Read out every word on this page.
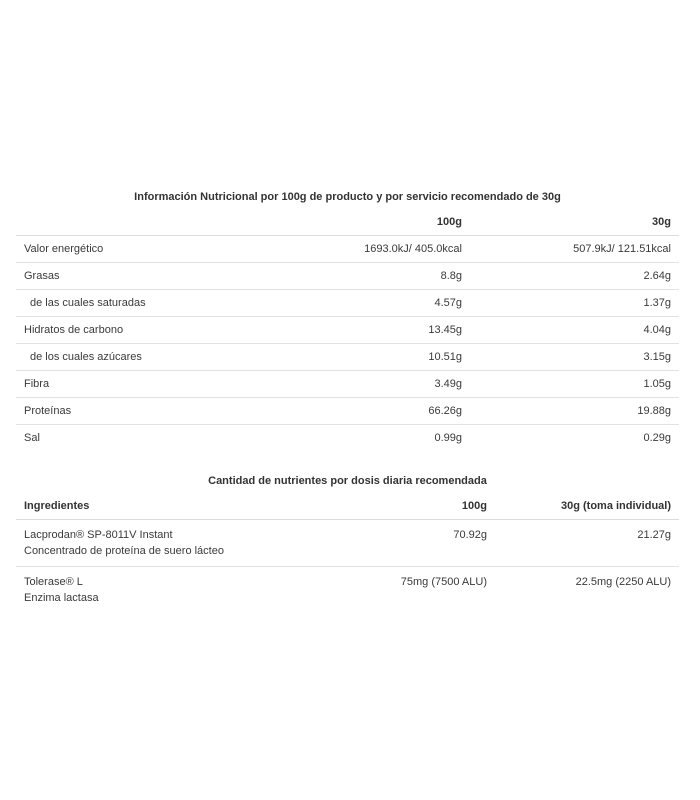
Información Nutricional por 100g de producto y por servicio recomendado de 30g
	100g	30g
Valor energético	1693.0kJ/ 405.0kcal	507.9kJ/ 121.51kcal
Grasas	8.8g	2.64g
de las cuales saturadas	4.57g	1.37g
Hidratos de carbono	13.45g	4.04g
de los cuales azúcares	10.51g	3.15g
Fibra	3.49g	1.05g
Proteínas	66.26g	19.88g
Sal	0.99g	0.29g
Cantidad de nutrientes por dosis diaria recomendada
Ingredientes	100g	30g (toma individual)
Lacprodan® SP-8011V Instant
Concentrado de proteína de suero lácteo	70.92g	21.27g
Tolerase® L
Enzima lactasa	75mg (7500 ALU)	22.5mg (2250 ALU)
